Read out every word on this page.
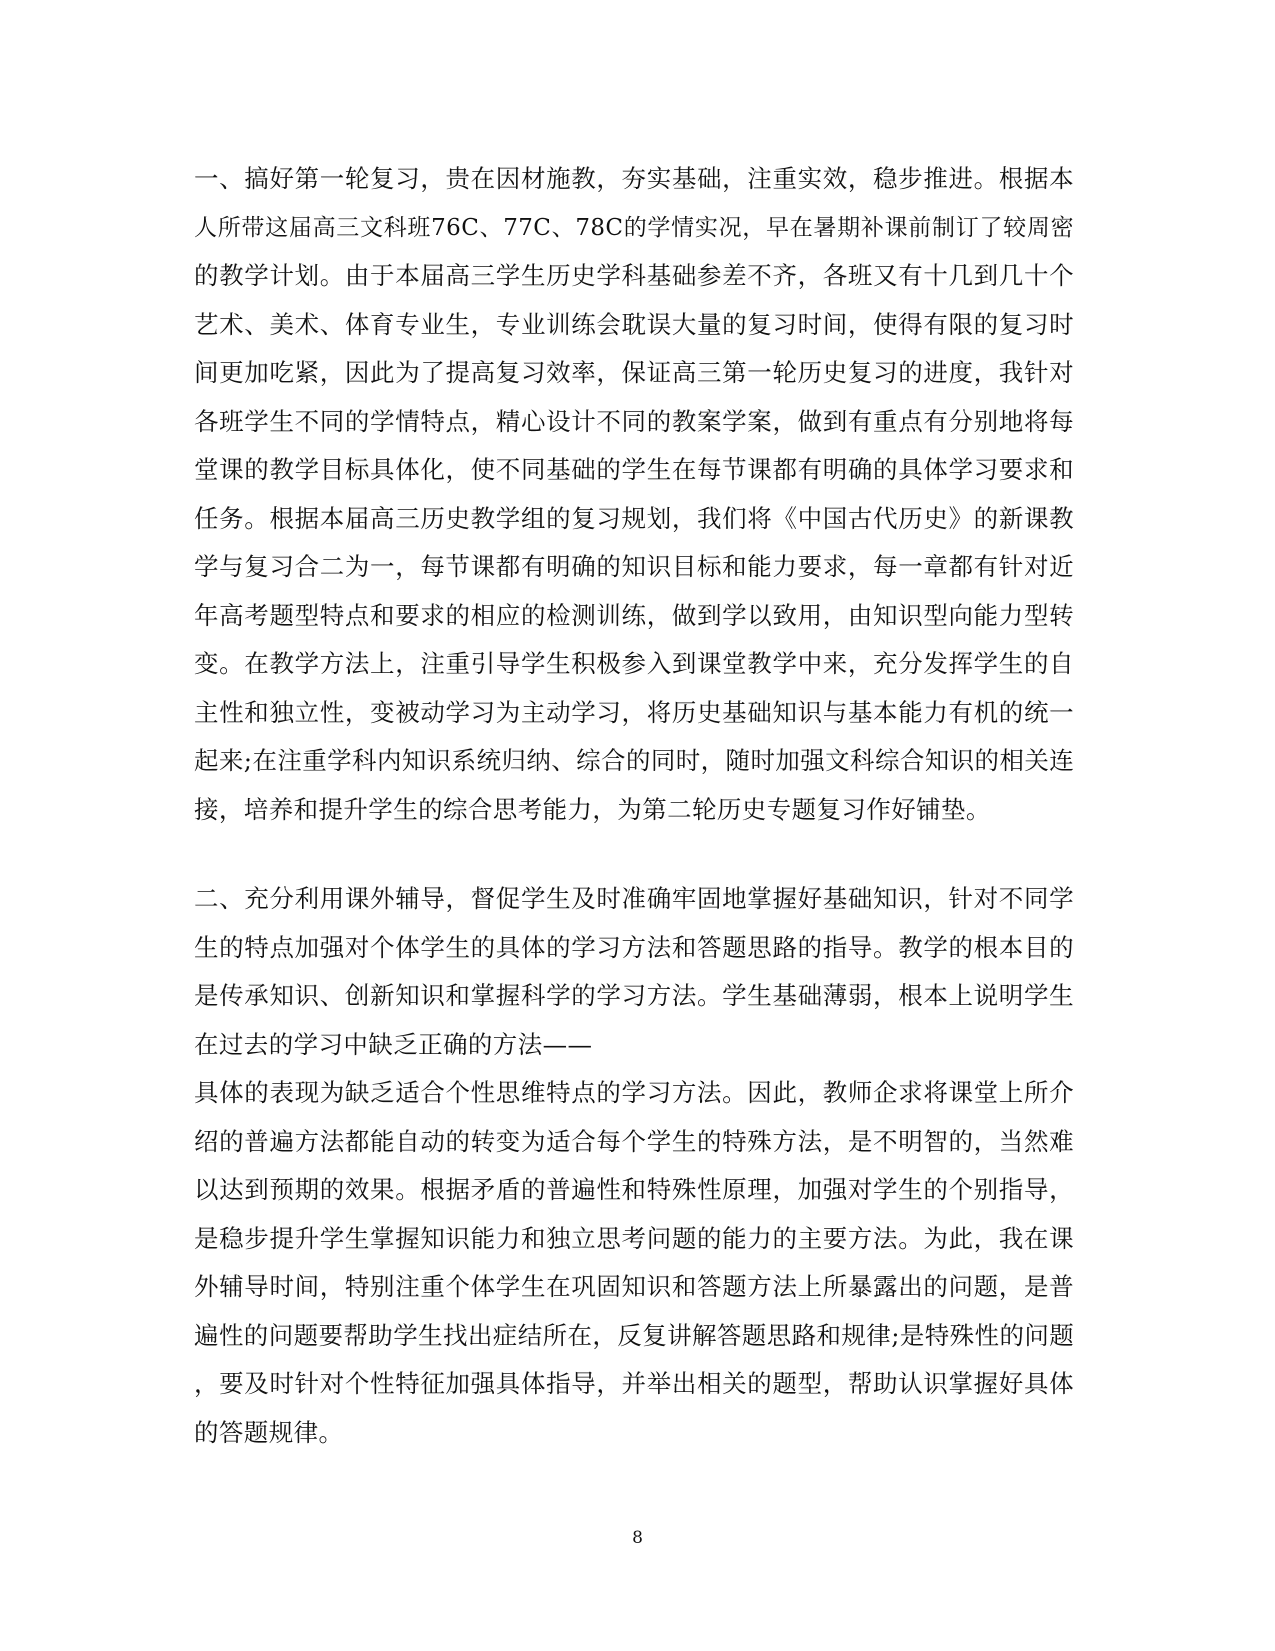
一、搞好第一轮复习，贵在因材施教，夯实基础，注重实效，稳步推进。根据本
人所带这届高三文科班76C、77C、78C的学情实况，早在暑期补课前制订了较周密
的教学计划。由于本届高三学生历史学科基础参差不齐，各班又有十几到几十个
艺术、美术、体育专业生，专业训练会耽误大量的复习时间，使得有限的复习时
间更加吃紧，因此为了提高复习效率，保证高三第一轮历史复习的进度，我针对
各班学生不同的学情特点，精心设计不同的教案学案，做到有重点有分别地将每
堂课的教学目标具体化，使不同基础的学生在每节课都有明确的具体学习要求和
任务。根据本届高三历史教学组的复习规划，我们将《中国古代历史》的新课教
学与复习合二为一，每节课都有明确的知识目标和能力要求，每一章都有针对近
年高考题型特点和要求的相应的检测训练，做到学以致用，由知识型向能力型转
变。在教学方法上，注重引导学生积极参入到课堂教学中来，充分发挥学生的自
主性和独立性，变被动学习为主动学习，将历史基础知识与基本能力有机的统一
起来;在注重学科内知识系统归纳、综合的同时，随时加强文科综合知识的相关连
接，培养和提升学生的综合思考能力，为第二轮历史专题复习作好铺垫。
二、充分利用课外辅导，督促学生及时准确牢固地掌握好基础知识，针对不同学
生的特点加强对个体学生的具体的学习方法和答题思路的指导。教学的根本目的
是传承知识、创新知识和掌握科学的学习方法。学生基础薄弱，根本上说明学生
在过去的学习中缺乏正确的方法——
具体的表现为缺乏适合个性思维特点的学习方法。因此，教师企求将课堂上所介
绍的普遍方法都能自动的转变为适合每个学生的特殊方法，是不明智的，当然难
以达到预期的效果。根据矛盾的普遍性和特殊性原理，加强对学生的个别指导，
是稳步提升学生掌握知识能力和独立思考问题的能力的主要方法。为此，我在课
外辅导时间，特别注重个体学生在巩固知识和答题方法上所暴露出的问题，是普
遍性的问题要帮助学生找出症结所在，反复讲解答题思路和规律;是特殊性的问题
，要及时针对个性特征加强具体指导，并举出相关的题型，帮助认识掌握好具体
的答题规律。
8
